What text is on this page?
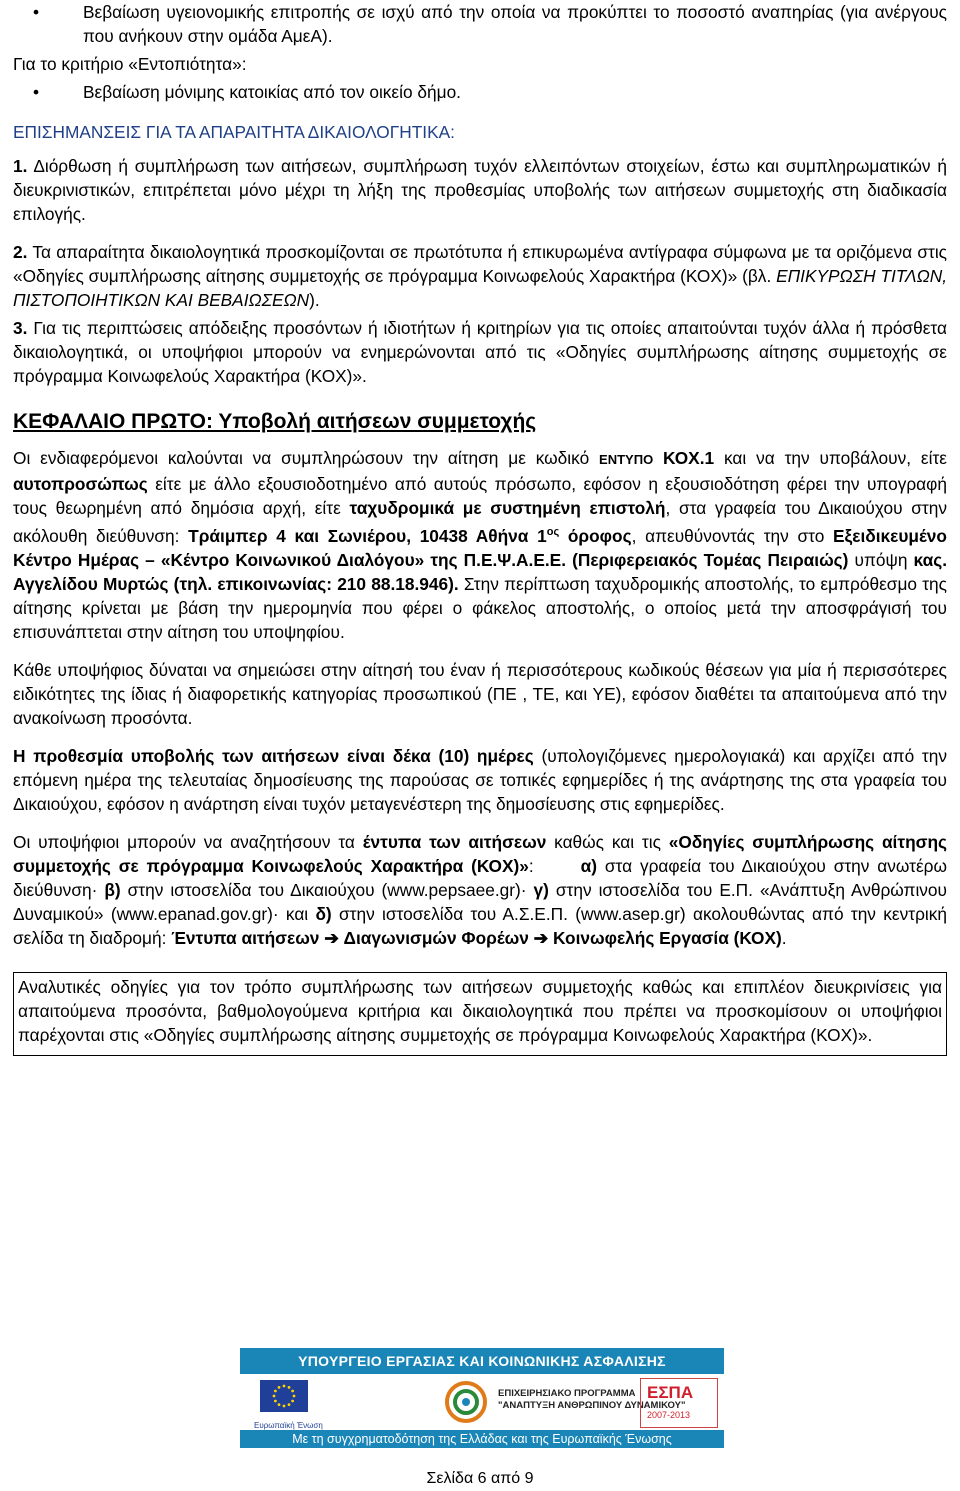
•	Βεβαίωση υγειονομικής επιτροπής σε ισχύ από την οποία να προκύπτει το ποσοστό αναπηρίας (για ανέργους που ανήκουν στην ομάδα ΑμεΑ).

Για το κριτήριο «Εντοπιότητα»:

•	Βεβαίωση μόνιμης κατοικίας από τον οικείο δήμο.

ΕΠΙΣΗΜΑΝΣΕΙΣ ΓΙΑ ΤΑ ΑΠΑΡΑΙΤΗΤΑ ΔΙΚΑΙΟΛΟΓΗΤΙΚΑ:

1. Διόρθωση ή συμπλήρωση των αιτήσεων, συμπλήρωση τυχόν ελλειπόντων στοιχείων, έστω και συμπληρωματικών ή διευκρινιστικών, επιτρέπεται μόνο μέχρι τη λήξη της προθεσμίας υποβολής των αιτήσεων συμμετοχής στη διαδικασία επιλογής.

2. Τα απαραίτητα δικαιολογητικά προσκομίζονται σε πρωτότυπα ή επικυρωμένα αντίγραφα σύμφωνα με τα οριζόμενα στις «Οδηγίες συμπλήρωσης αίτησης συμμετοχής σε πρόγραμμα Κοινωφελούς Χαρακτήρα (ΚΟΧ)» (βλ. ΕΠΙΚΥΡΩΣΗ ΤΙΤΛΩΝ, ΠΙΣΤΟΠΟΙΗΤΙΚΩΝ ΚΑΙ ΒΕΒΑΙΩΣΕΩΝ).

3. Για τις περιπτώσεις απόδειξης προσόντων ή ιδιοτήτων ή κριτηρίων για τις οποίες απαιτούνται τυχόν άλλα ή πρόσθετα δικαιολογητικά, οι υποψήφιοι μπορούν να ενημερώνονται από τις «Οδηγίες συμπλήρωσης αίτησης συμμετοχής σε πρόγραμμα Κοινωφελούς Χαρακτήρα (ΚΟΧ)».

ΚΕΦΑΛΑΙΟ ΠΡΩΤΟ: Υποβολή αιτήσεων συμμετοχής

Οι ενδιαφερόμενοι καλούνται να συμπληρώσουν την αίτηση με κωδικό ΕΝΤΥΠΟ ΚΟΧ.1 και να την υποβάλουν, είτε αυτοπροσώπως είτε με άλλο εξουσιοδοτημένο από αυτούς πρόσωπο, εφόσον η εξουσιοδότηση φέρει την υπογραφή τους θεωρημένη από δημόσια αρχή, είτε ταχυδρομικά με συστημένη επιστολή, στα γραφεία του Δικαιούχου στην ακόλουθη διεύθυνση: Τράιμπερ 4 και Σωνιέρου, 10438 Αθήνα $1^{o\varsigma}$ όροφος, απευθύνοντάς την στο Εξειδικευμένο Κέντρο Ημέρας – «Κέντρο Κοινωνικού Διαλόγου» της Π.Ε.Ψ.Α.Ε.Ε. (Περιφερειακός Τομέας Πειραιώς) υπόψη κας. Αγγελίδου Μυρτώς (τηλ. επικοινωνίας: 210 88.18.946). Στην περίπτωση ταχυδρομικής αποστολής, το εμπρόθεσμο της αίτησης κρίνεται με βάση την ημερομηνία που φέρει ο φάκελος αποστολής, ο οποίος μετά την αποσφράγισή του επισυνάπτεται στην αίτηση του υποψηφίου.

Κάθε υποψήφιος δύναται να σημειώσει στην αίτησή του έναν ή περισσότερους κωδικούς θέσεων για μία ή περισσότερες ειδικότητες της ίδιας ή διαφορετικής κατηγορίας προσωπικού (ΠΕ , ΤΕ, και ΥΕ), εφόσον διαθέτει τα απαιτούμενα από την ανακοίνωση προσόντα.

Η προθεσμία υποβολής των αιτήσεων είναι δέκα (10) ημέρες (υπολογιζόμενες ημερολογιακά) και αρχίζει από την επόμενη ημέρα της τελευταίας δημοσίευσης της παρούσας σε τοπικές εφημερίδες ή της ανάρτησης της στα γραφεία του Δικαιούχου, εφόσον η ανάρτηση είναι τυχόν μεταγενέστερη της δημοσίευσης στις εφημερίδες.

Οι υποψήφιοι μπορούν να αναζητήσουν τα έντυπα των αιτήσεων καθώς και τις «Οδηγίες συμπλήρωσης αίτησης συμμετοχής σε πρόγραμμα Κοινωφελούς Χαρακτήρα (ΚΟΧ)»:	α) στα γραφεία του Δικαιούχου στην ανωτέρω διεύθυνση· β) στην ιστοσελίδα του Δικαιούχου (www.pepsaee.gr)· γ) στην ιστοσελίδα του Ε.Π. «Ανάπτυξη Ανθρώπινου Δυναμικού» (www.epanad.gov.gr)· και δ) στην ιστοσελίδα του Α.Σ.Ε.Π. (www.asep.gr) ακολουθώντας από την κεντρική σελίδα τη διαδρομή: Έντυπα αιτήσεων ➔ Διαγωνισμών Φορέων ➔ Κοινωφελής Εργασία (ΚΟΧ).

Αναλυτικές οδηγίες για τον τρόπο συμπλήρωσης των αιτήσεων συμμετοχής καθώς και επιπλέον διευκρινίσεις για απαιτούμενα προσόντα, βαθμολογούμενα κριτήρια και δικαιολογητικά που πρέπει να προσκομίσουν οι υποψήφιοι παρέχονται στις «Οδηγίες συμπλήρωσης αίτησης συμμετοχής σε πρόγραμμα Κοινωφελούς Χαρακτήρα (ΚΟΧ)».
ΥΠΟΥΡΓΕΙΟ ΕΡΓΑΣΙΑΣ ΚΑΙ ΚΟΙΝΩΝΙΚΗΣ ΑΣΦΑΛΙΣΗΣ
Ευρωπαϊκή Ένωση
ΕΠΙΧΕΙΡΗΣΙΑΚΟ ΠΡΟΓΡΑΜΜΑ
"ΑΝΑΠΤΥΞΗ ΑΝΘΡΩΠΙΝΟΥ ΔΥΝΑΜΙΚΟΥ"
ΕΣΠΑ
2007-2013
Με τη συγχρηματοδότηση της Ελλάδας και της Ευρωπαϊκής Ένωσης
Σελίδα 6 από 9
